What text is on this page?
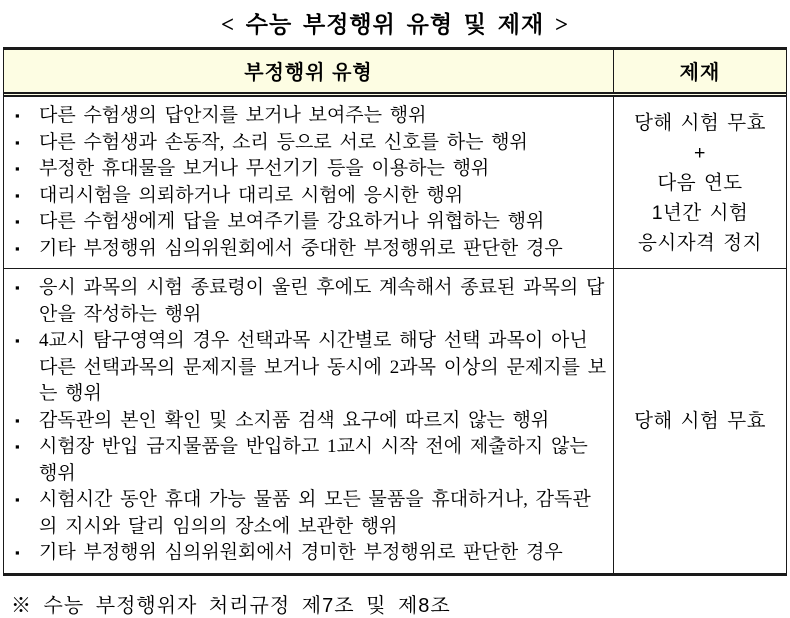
< 수능 부정행위 유형 및 제재 >
부정행위 유형	제재
▪	다른 수험생의 답안지를 보거나 보여주는 행위
▪	다른 수험생과 손동작, 소리 등으로 서로 신호를 하는 행위
▪	부정한 휴대물을 보거나 무선기기 등을 이용하는 행위
▪	대리시험을 의뢰하거나 대리로 시험에 응시한 행위
▪	다른 수험생에게 답을 보여주기를 강요하거나 위협하는 행위
▪	기타 부정행위 심의위원회에서 중대한 부정행위로 판단한 경우
당해 시험 무효
+
다음 연도
1년간 시험
응시자격 정지
▪	응시 과목의 시험 종료령이 울린 후에도 계속해서 종료된 과목의 답안을 작성하는 행위
▪	4교시 탐구영역의 경우 선택과목 시간별로 해당 선택 과목이 아닌 다른 선택과목의 문제지를 보거나 동시에 2과목 이상의 문제지를 보는 행위
▪	감독관의 본인 확인 및 소지품 검색 요구에 따르지 않는 행위
▪	시험장 반입 금지물품을 반입하고 1교시 시작 전에 제출하지 않는 행위
▪	시험시간 동안 휴대 가능 물품 외 모든 물품을 휴대하거나, 감독관의 지시와 달리 임의의 장소에 보관한 행위
▪	기타 부정행위 심의위원회에서 경미한 부정행위로 판단한 경우
당해 시험 무효
※ 수능 부정행위자 처리규정 제7조 및 제8조
